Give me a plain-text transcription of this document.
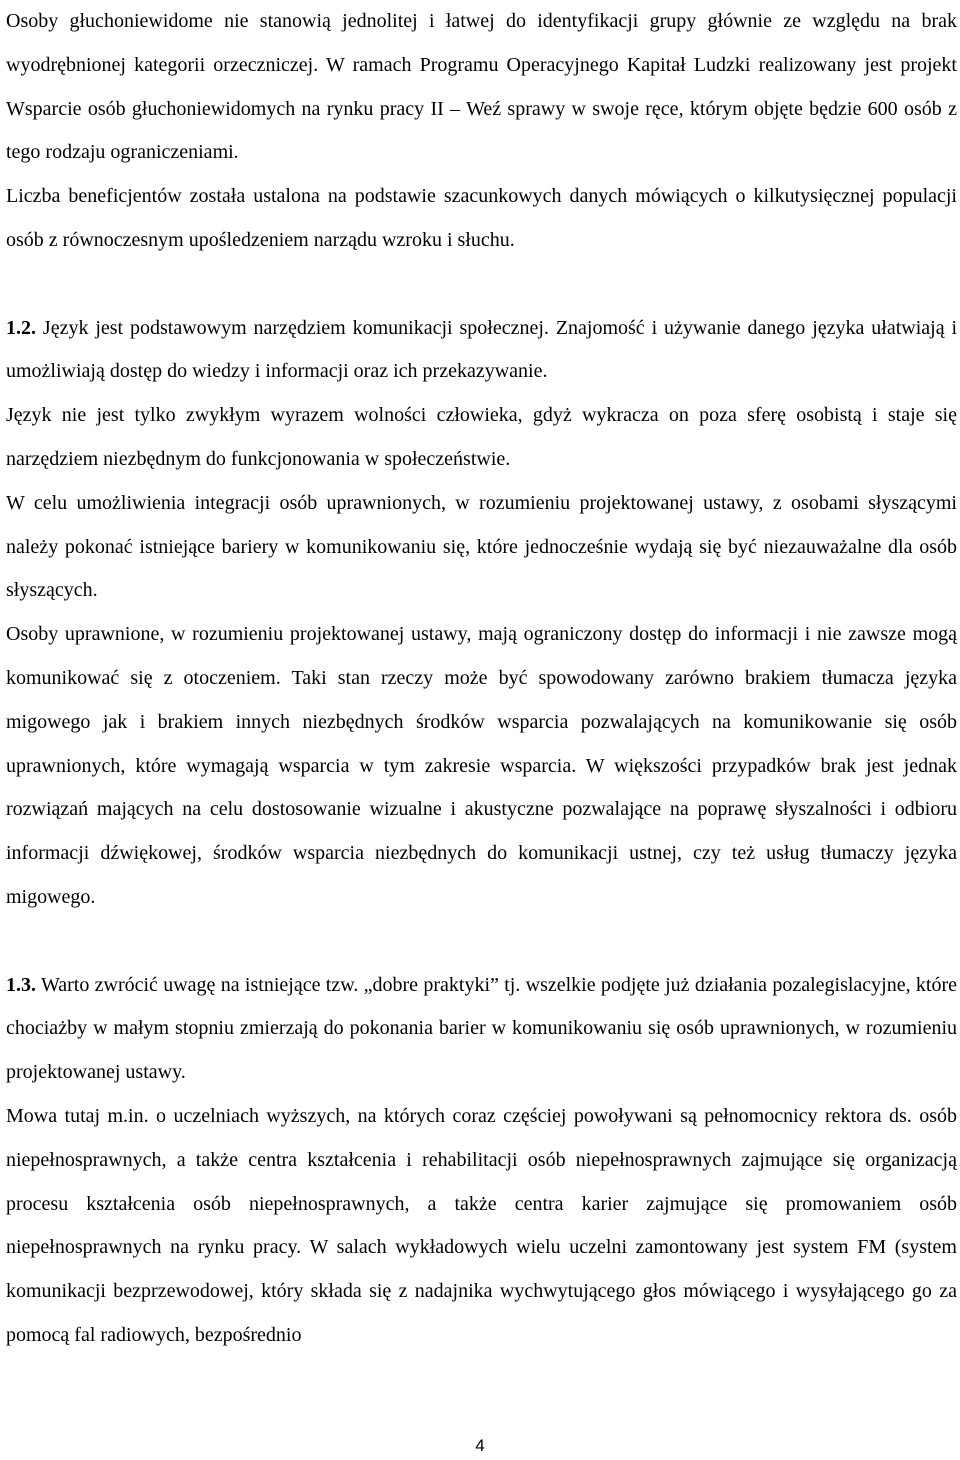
Osoby głuchoniewidome nie stanowią jednolitej i łatwej do identyfikacji grupy głównie ze względu na brak wyodrębnionej kategorii orzeczniczej. W ramach Programu Operacyjnego Kapitał Ludzki realizowany jest projekt Wsparcie osób głuchoniewidomych na rynku pracy II – Weź sprawy w swoje ręce, którym objęte będzie 600 osób z tego rodzaju ograniczeniami.
Liczba beneficjentów została ustalona na podstawie szacunkowych danych mówiących o kilkutysięcznej populacji osób z równoczesnym upośledzeniem narządu wzroku i słuchu.
1.2. Język jest podstawowym narzędziem komunikacji społecznej. Znajomość i używanie danego języka ułatwiają i umożliwiają dostęp do wiedzy i informacji oraz ich przekazywanie.
Język nie jest tylko zwykłym wyrazem wolności człowieka, gdyż wykracza on poza sferę osobistą i staje się narzędziem niezbędnym do funkcjonowania w społeczeństwie.
W celu umożliwienia integracji osób uprawnionych, w rozumieniu projektowanej ustawy, z osobami słyszącymi należy pokonać istniejące bariery w komunikowaniu się, które jednocześnie wydają się być niezauważalne dla osób słyszących.
Osoby uprawnione, w rozumieniu projektowanej ustawy, mają ograniczony dostęp do informacji i nie zawsze mogą komunikować się z otoczeniem. Taki stan rzeczy może być spowodowany zarówno brakiem tłumacza języka migowego jak i brakiem innych niezbędnych środków wsparcia pozwalających na komunikowanie się osób uprawnionych, które wymagają wsparcia w tym zakresie wsparcia. W większości przypadków brak jest jednak rozwiązań mających na celu dostosowanie wizualne i akustyczne pozwalające na poprawę słyszalności i odbioru informacji dźwiękowej, środków wsparcia niezbędnych do komunikacji ustnej, czy też usług tłumaczy języka migowego.
1.3. Warto zwrócić uwagę na istniejące tzw. „dobre praktyki” tj. wszelkie podjęte już działania pozalegislacyjne, które chociażby w małym stopniu zmierzają do pokonania barier w komunikowaniu się osób uprawnionych, w rozumieniu projektowanej ustawy.
Mowa tutaj m.in. o uczelniach wyższych, na których coraz częściej powoływani są pełnomocnicy rektora ds. osób niepełnosprawnych, a także centra kształcenia i rehabilitacji osób niepełnosprawnych zajmujące się organizacją procesu kształcenia osób niepełnosprawnych, a także centra karier zajmujące się promowaniem osób niepełnosprawnych na rynku pracy. W salach wykładowych wielu uczelni zamontowany jest system FM (system komunikacji bezprzewodowej, który składa się z nadajnika wychwytującego głos mówiącego i wysyłającego go za pomocą fal radiowych, bezpośrednio
4
